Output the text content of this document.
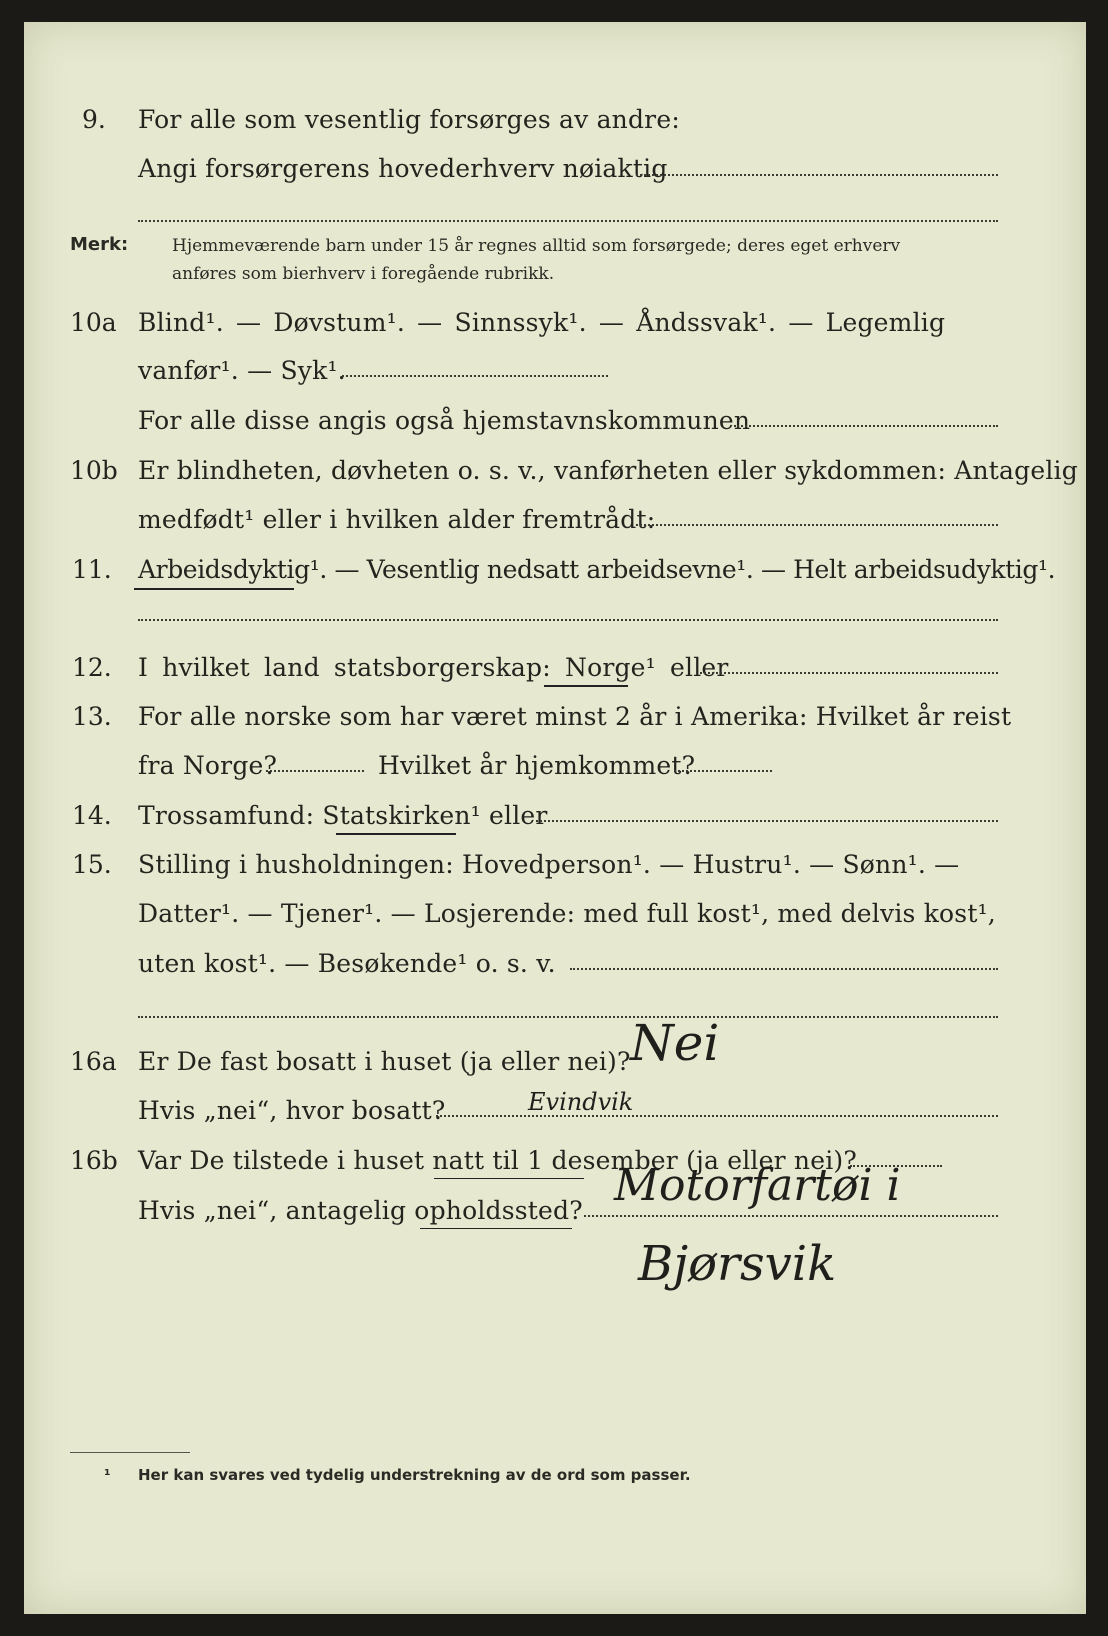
9. For alle som vesentlig forsørges av andre:
Angi forsørgerens hovederhverv nøiaktig
Merk:	Hjemmeværende barn under 15 år regnes alltid som forsørgede; deres eget erhverv
anføres som bierhverv i foregående rubrikk.
10a Blind¹. — Døvstum¹. — Sinnssyk¹. — Åndssvak¹. — Legemlig
vanfør¹. — Syk¹.
For alle disse angis også hjemstavnskommunen
10b Er blindheten, døvheten o. s. v., vanførheten eller sykdommen: Antagelig
medfødt¹ eller i hvilken alder fremtrådt:
11. Arbeidsdyktig¹. — Vesentlig nedsatt arbeidsevne¹. — Helt arbeidsudyktig¹.
12. I hvilket land statsborgerskap: Norge¹ eller
13. For alle norske som har været minst 2 år i Amerika: Hvilket år reist
fra Norge?	Hvilket år hjemkommet?
14. Trossamfund: Statskirken¹ eller
15. Stilling i husholdningen: Hovedperson¹. — Hustru¹. — Sønn¹. —
Datter¹. — Tjener¹. — Losjerende: med full kost¹, med delvis kost¹,
uten kost¹. — Besøkende¹ o. s. v.
16a Er De fast bosatt i huset (ja eller nei)? Nei
Hvis „nei“, hvor bosatt?	Evindvik
16b Var De tilstede i huset natt til 1 desember (ja eller nei)?
Hvis „nei“, antagelig opholdssted? Motorfartøi i
Bjørsvik
¹ Her kan svares ved tydelig understrekning av de ord som passer.
